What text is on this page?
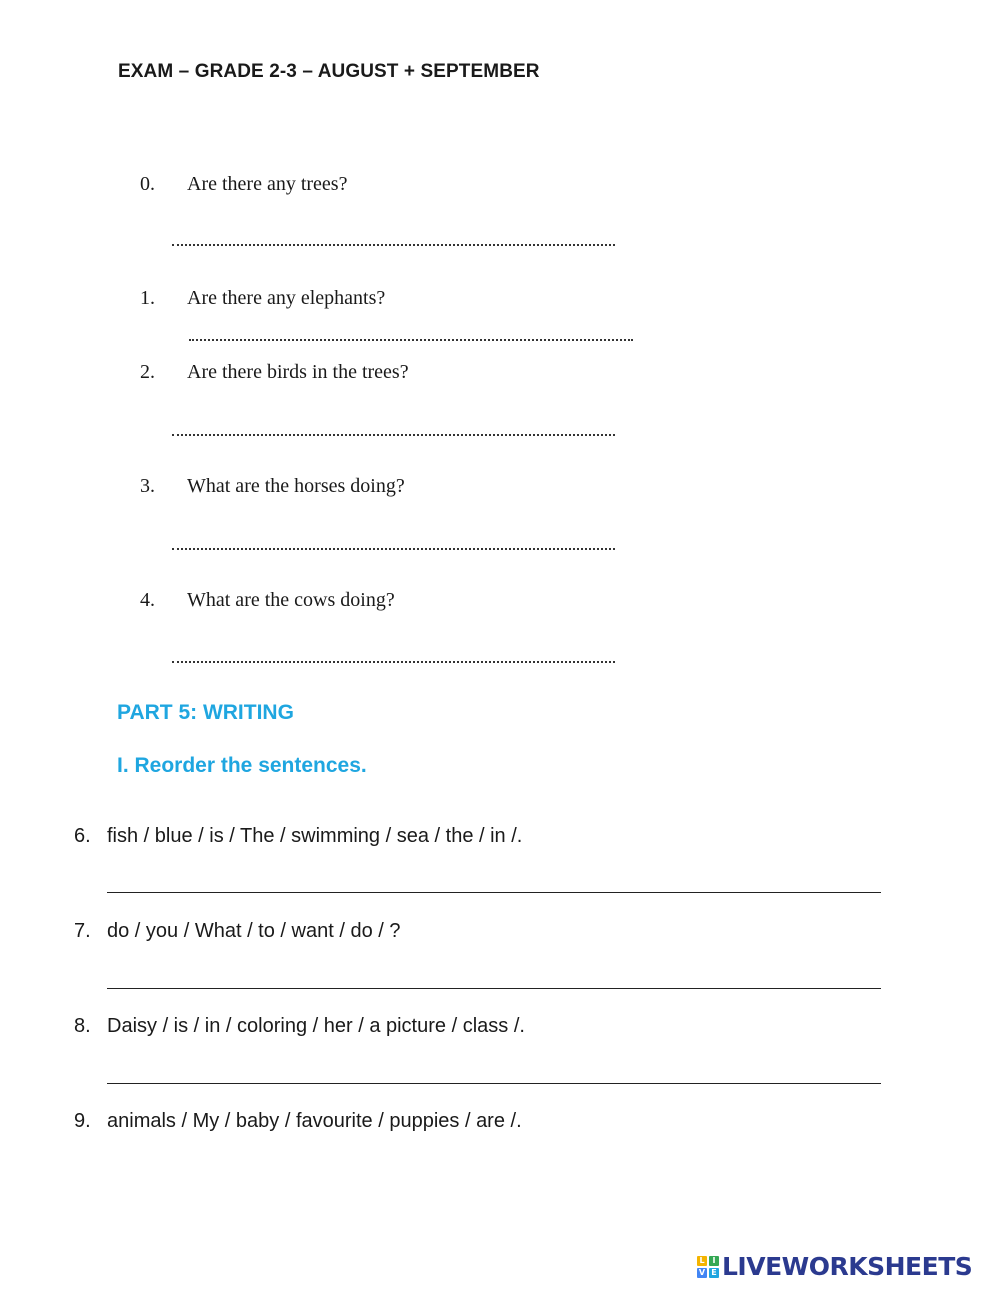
EXAM – GRADE 2-3 – AUGUST + SEPTEMBER
0. Are there any trees?
1. Are there any elephants?
2. Are there birds in the trees?
3. What are the horses doing?
4. What are the cows doing?
PART 5: WRITING
I. Reorder the sentences.
6. fish / blue / is / The / swimming / sea / the / in /.
7. do / you / What / to / want / do / ?
8. Daisy / is / in / coloring / her / a picture / class /.
9. animals / My / baby / favourite / puppies / are /.
L I
V E LIVEWORKSHEETS
